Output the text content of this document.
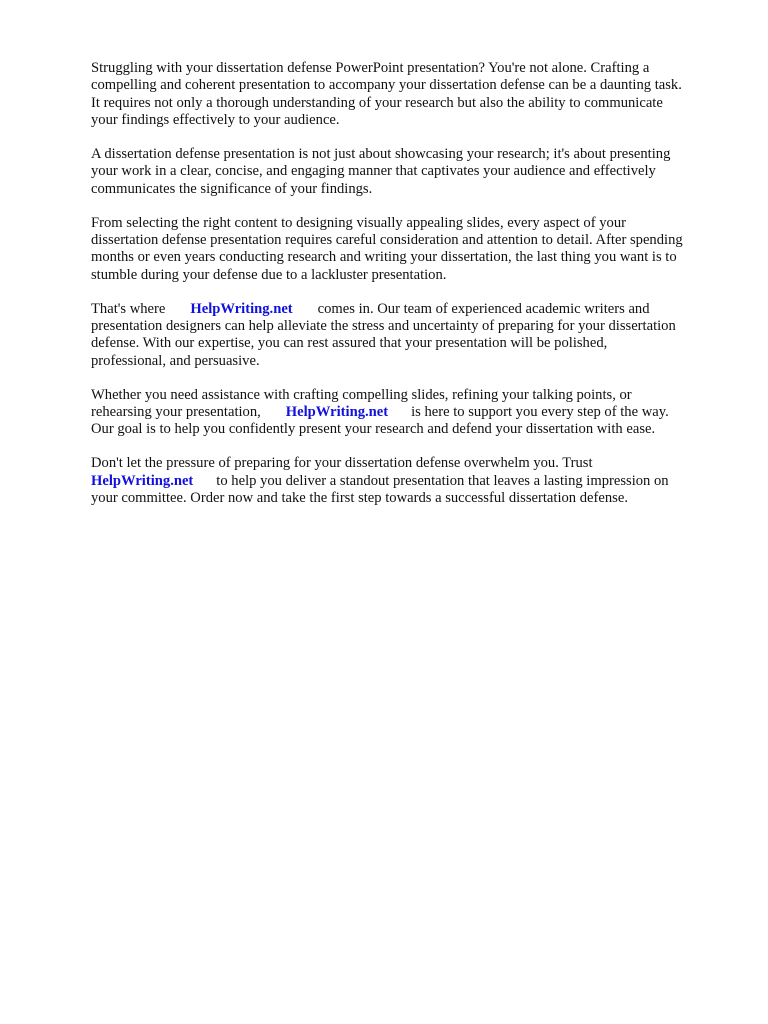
Struggling with your dissertation defense PowerPoint presentation? You're not alone. Crafting a
compelling and coherent presentation to accompany your dissertation defense can be a daunting task.
It requires not only a thorough understanding of your research but also the ability to communicate
your findings effectively to your audience.

A dissertation defense presentation is not just about showcasing your research; it's about presenting
your work in a clear, concise, and engaging manner that captivates your audience and effectively
communicates the significance of your findings.

From selecting the right content to designing visually appealing slides, every aspect of your
dissertation defense presentation requires careful consideration and attention to detail. After spending
months or even years conducting research and writing your dissertation, the last thing you want is to
stumble during your defense due to a lackluster presentation.

That's where HelpWriting.net comes in. Our team of experienced academic writers and
presentation designers can help alleviate the stress and uncertainty of preparing for your dissertation
defense. With our expertise, you can rest assured that your presentation will be polished,
professional, and persuasive.

Whether you need assistance with crafting compelling slides, refining your talking points, or
rehearsing your presentation, HelpWriting.net is here to support you every step of the way.
Our goal is to help you confidently present your research and defend your dissertation with ease.

Don't let the pressure of preparing for your dissertation defense overwhelm you. Trust
HelpWriting.net to help you deliver a standout presentation that leaves a lasting impression on
your committee. Order now and take the first step towards a successful dissertation defense.
